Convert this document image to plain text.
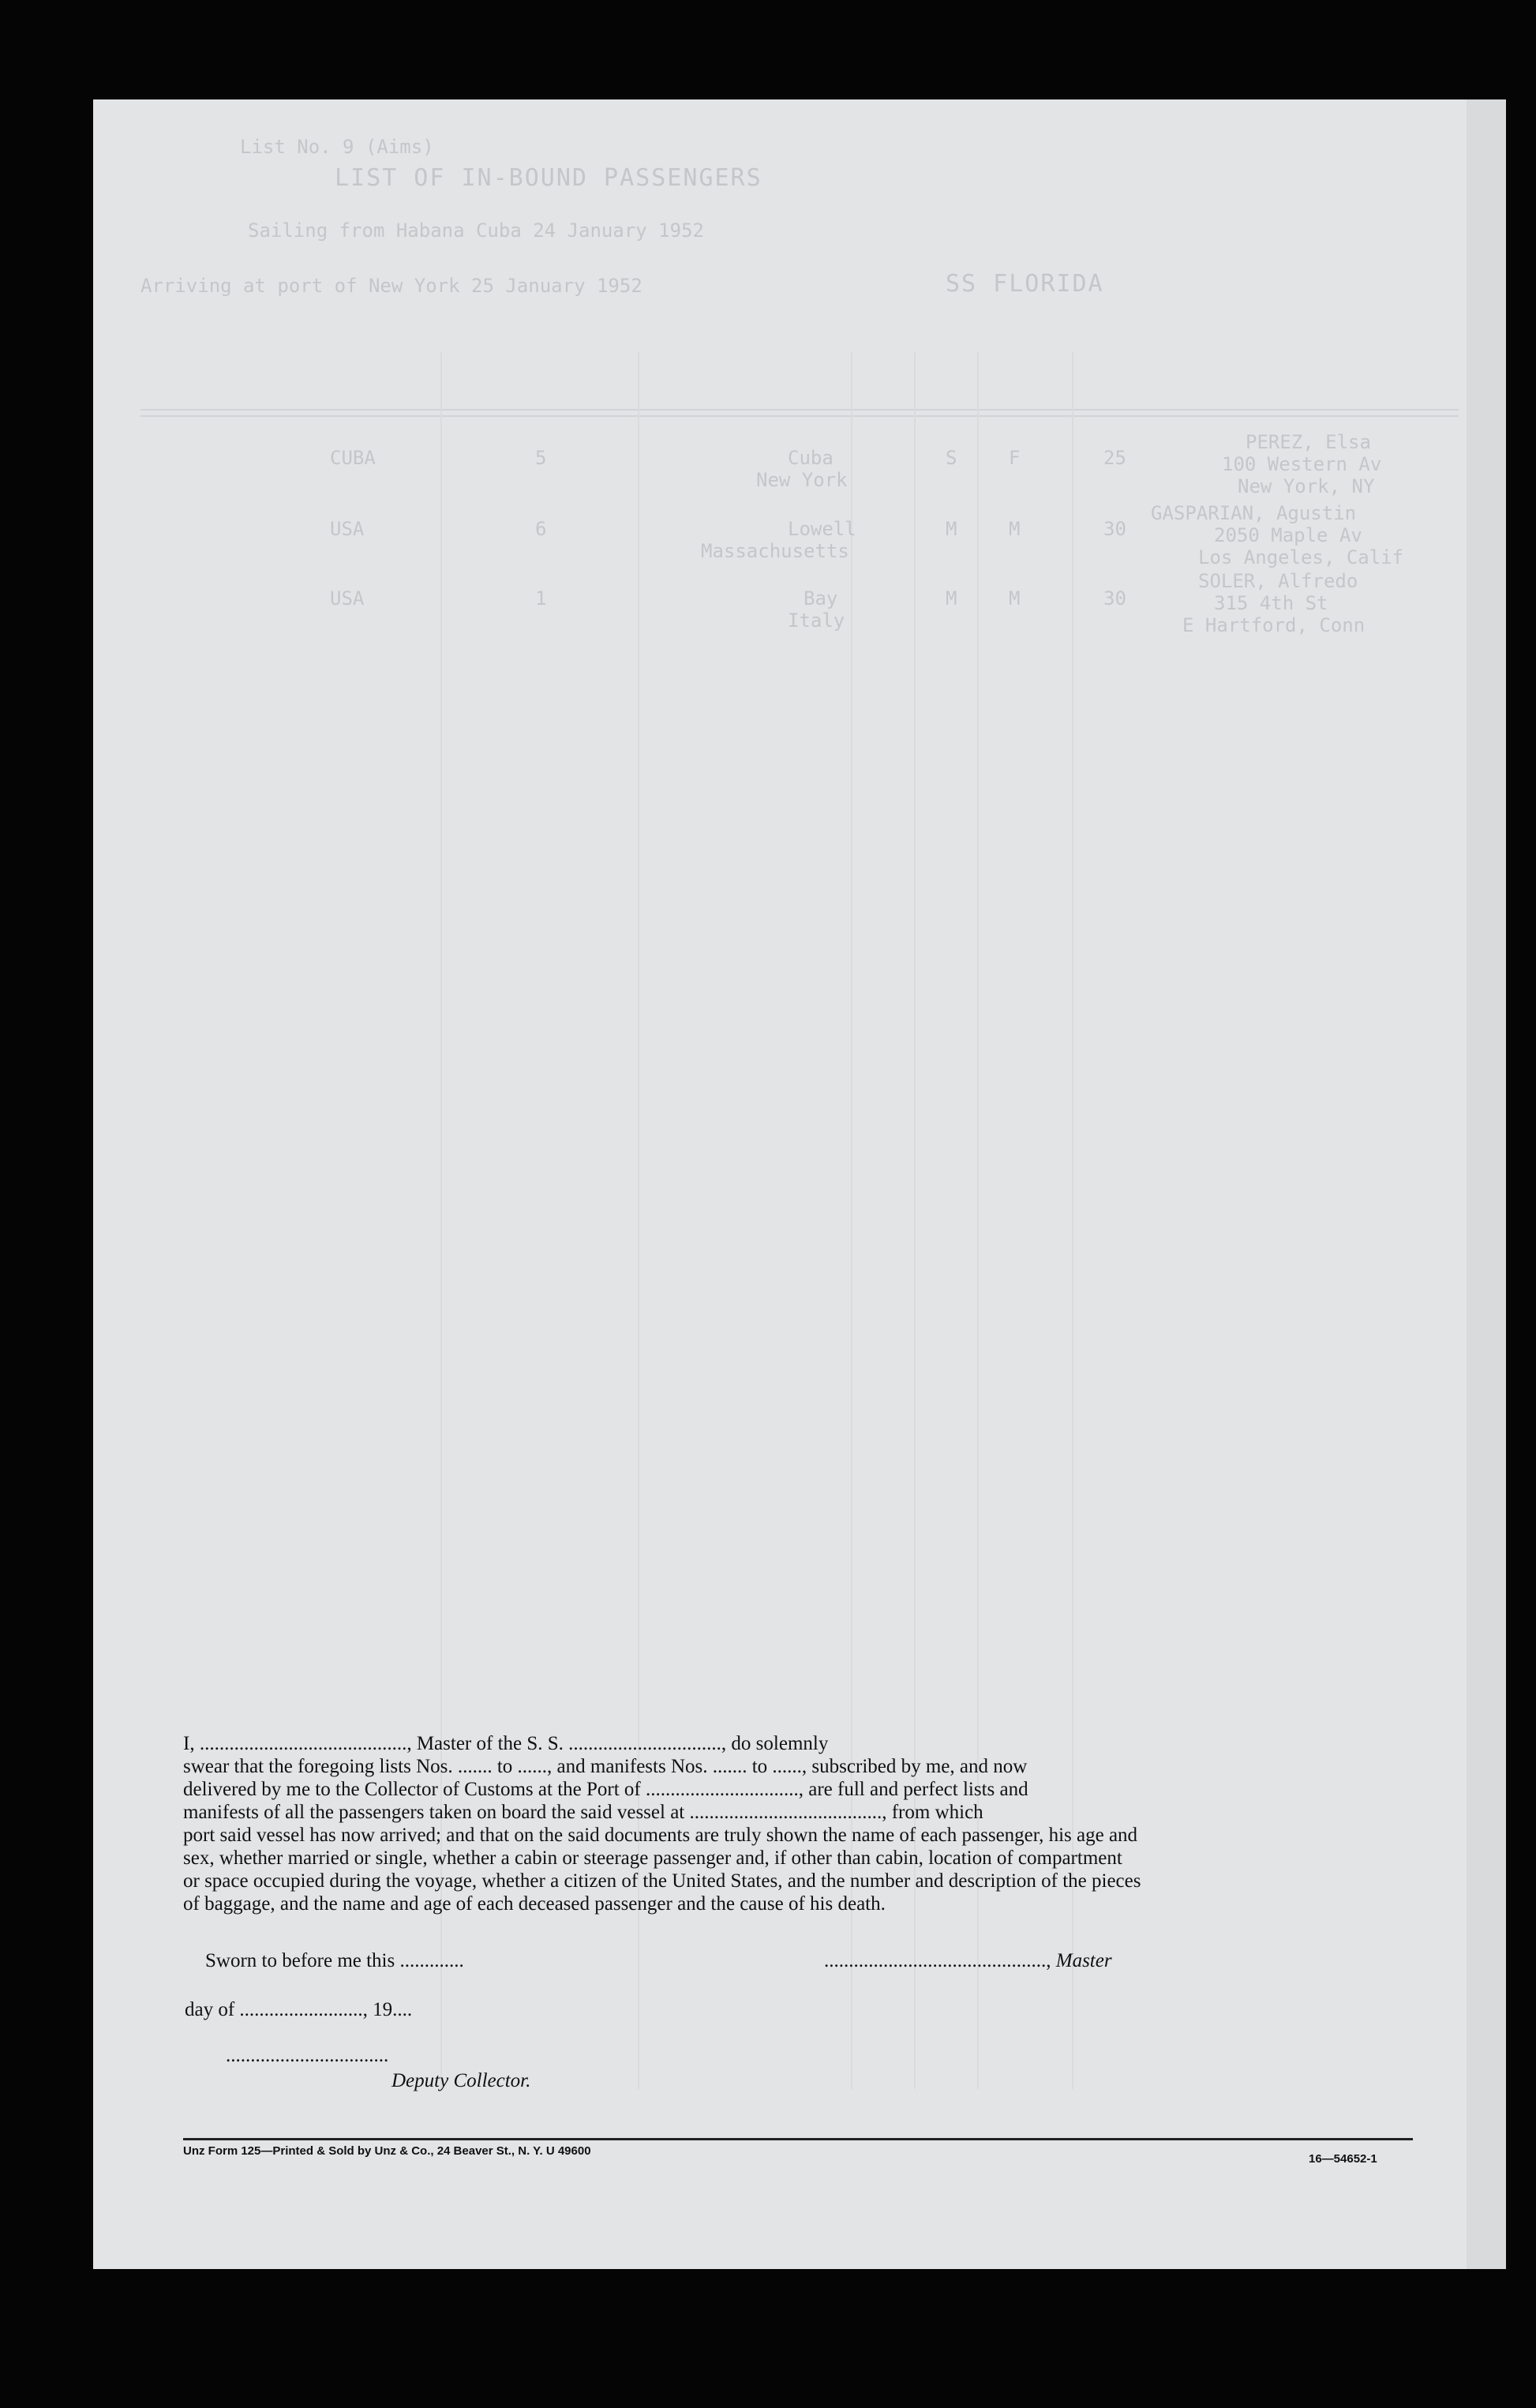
List No. 9 (Aims)
LIST OF IN-BOUND PASSENGERS
Sailing from Habana Cuba 24 January 1952
Arriving at port of New York 25 January 1952	SS FLORIDA
PEREZ, Elsa
100 Western Av
New York, NY
25
F
S
Cuba
New York
5
CUBA
GASPARIAN, Agustin
2050 Maple Av
Los Angeles, Calif
30
M
M
Lowell
Massachusetts
6
USA
SOLER, Alfredo
315 4th St
E Hartford, Conn
30
M
M
Bay
Italy
1
USA

I, .........................................., Master of the S. S. ..............................., do solemnly

swear that the foregoing lists Nos. ....... to ......, and manifests Nos. ....... to ......, subscribed by me, and now

delivered by me to the Collector of Customs at the Port of ..............................., are full and perfect lists and

manifests of all the passengers taken on board the said vessel at ......................................., from which

port said vessel has now arrived; and that on the said documents are truly shown the name of each passenger, his age and

sex, whether married or single, whether a cabin or steerage passenger and, if other than cabin, location of compartment

or space occupied during the voyage, whether a citizen of the United States, and the number and description of the pieces

of baggage, and the name and age of each deceased passenger and the cause of his death.

Sworn to before me this .............	............................................., Master
day of ........................., 19....
.................................
Deputy Collector.
Unz Form 125—Printed & Sold by Unz & Co., 24 Beaver St., N. Y. U 49600
16—54652-1
